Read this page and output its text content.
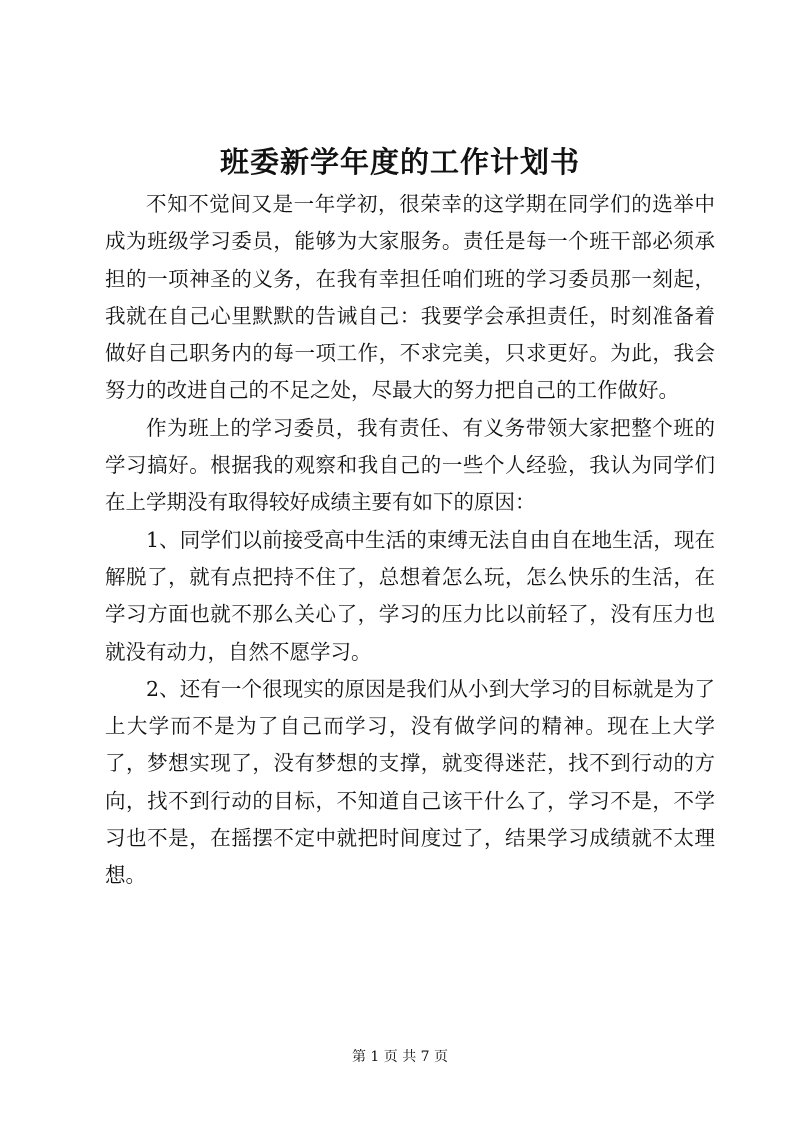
班委新学年度的工作计划书

不知不觉间又是一年学初，很荣幸的这学期在同学们的选举中成为班级学习委员，能够为大家服务。责任是每一个班干部必须承担的一项神圣的义务，在我有幸担任咱们班的学习委员那一刻起，我就在自己心里默默的告诫自己：我要学会承担责任，时刻准备着做好自己职务内的每一项工作，不求完美，只求更好。为此，我会努力的改进自己的不足之处，尽最大的努力把自己的工作做好。

作为班上的学习委员，我有责任、有义务带领大家把整个班的学习搞好。根据我的观察和我自己的一些个人经验，我认为同学们在上学期没有取得较好成绩主要有如下的原因：

1、同学们以前接受高中生活的束缚无法自由自在地生活，现在解脱了，就有点把持不住了，总想着怎么玩，怎么快乐的生活，在学习方面也就不那么关心了，学习的压力比以前轻了，没有压力也就没有动力，自然不愿学习。

2、还有一个很现实的原因是我们从小到大学习的目标就是为了上大学而不是为了自己而学习，没有做学问的精神。现在上大学了，梦想实现了，没有梦想的支撑，就变得迷茫，找不到行动的方向，找不到行动的目标，不知道自己该干什么了，学习不是，不学习也不是，在摇摆不定中就把时间度过了，结果学习成绩就不太理想。

第 1 页 共 7 页
